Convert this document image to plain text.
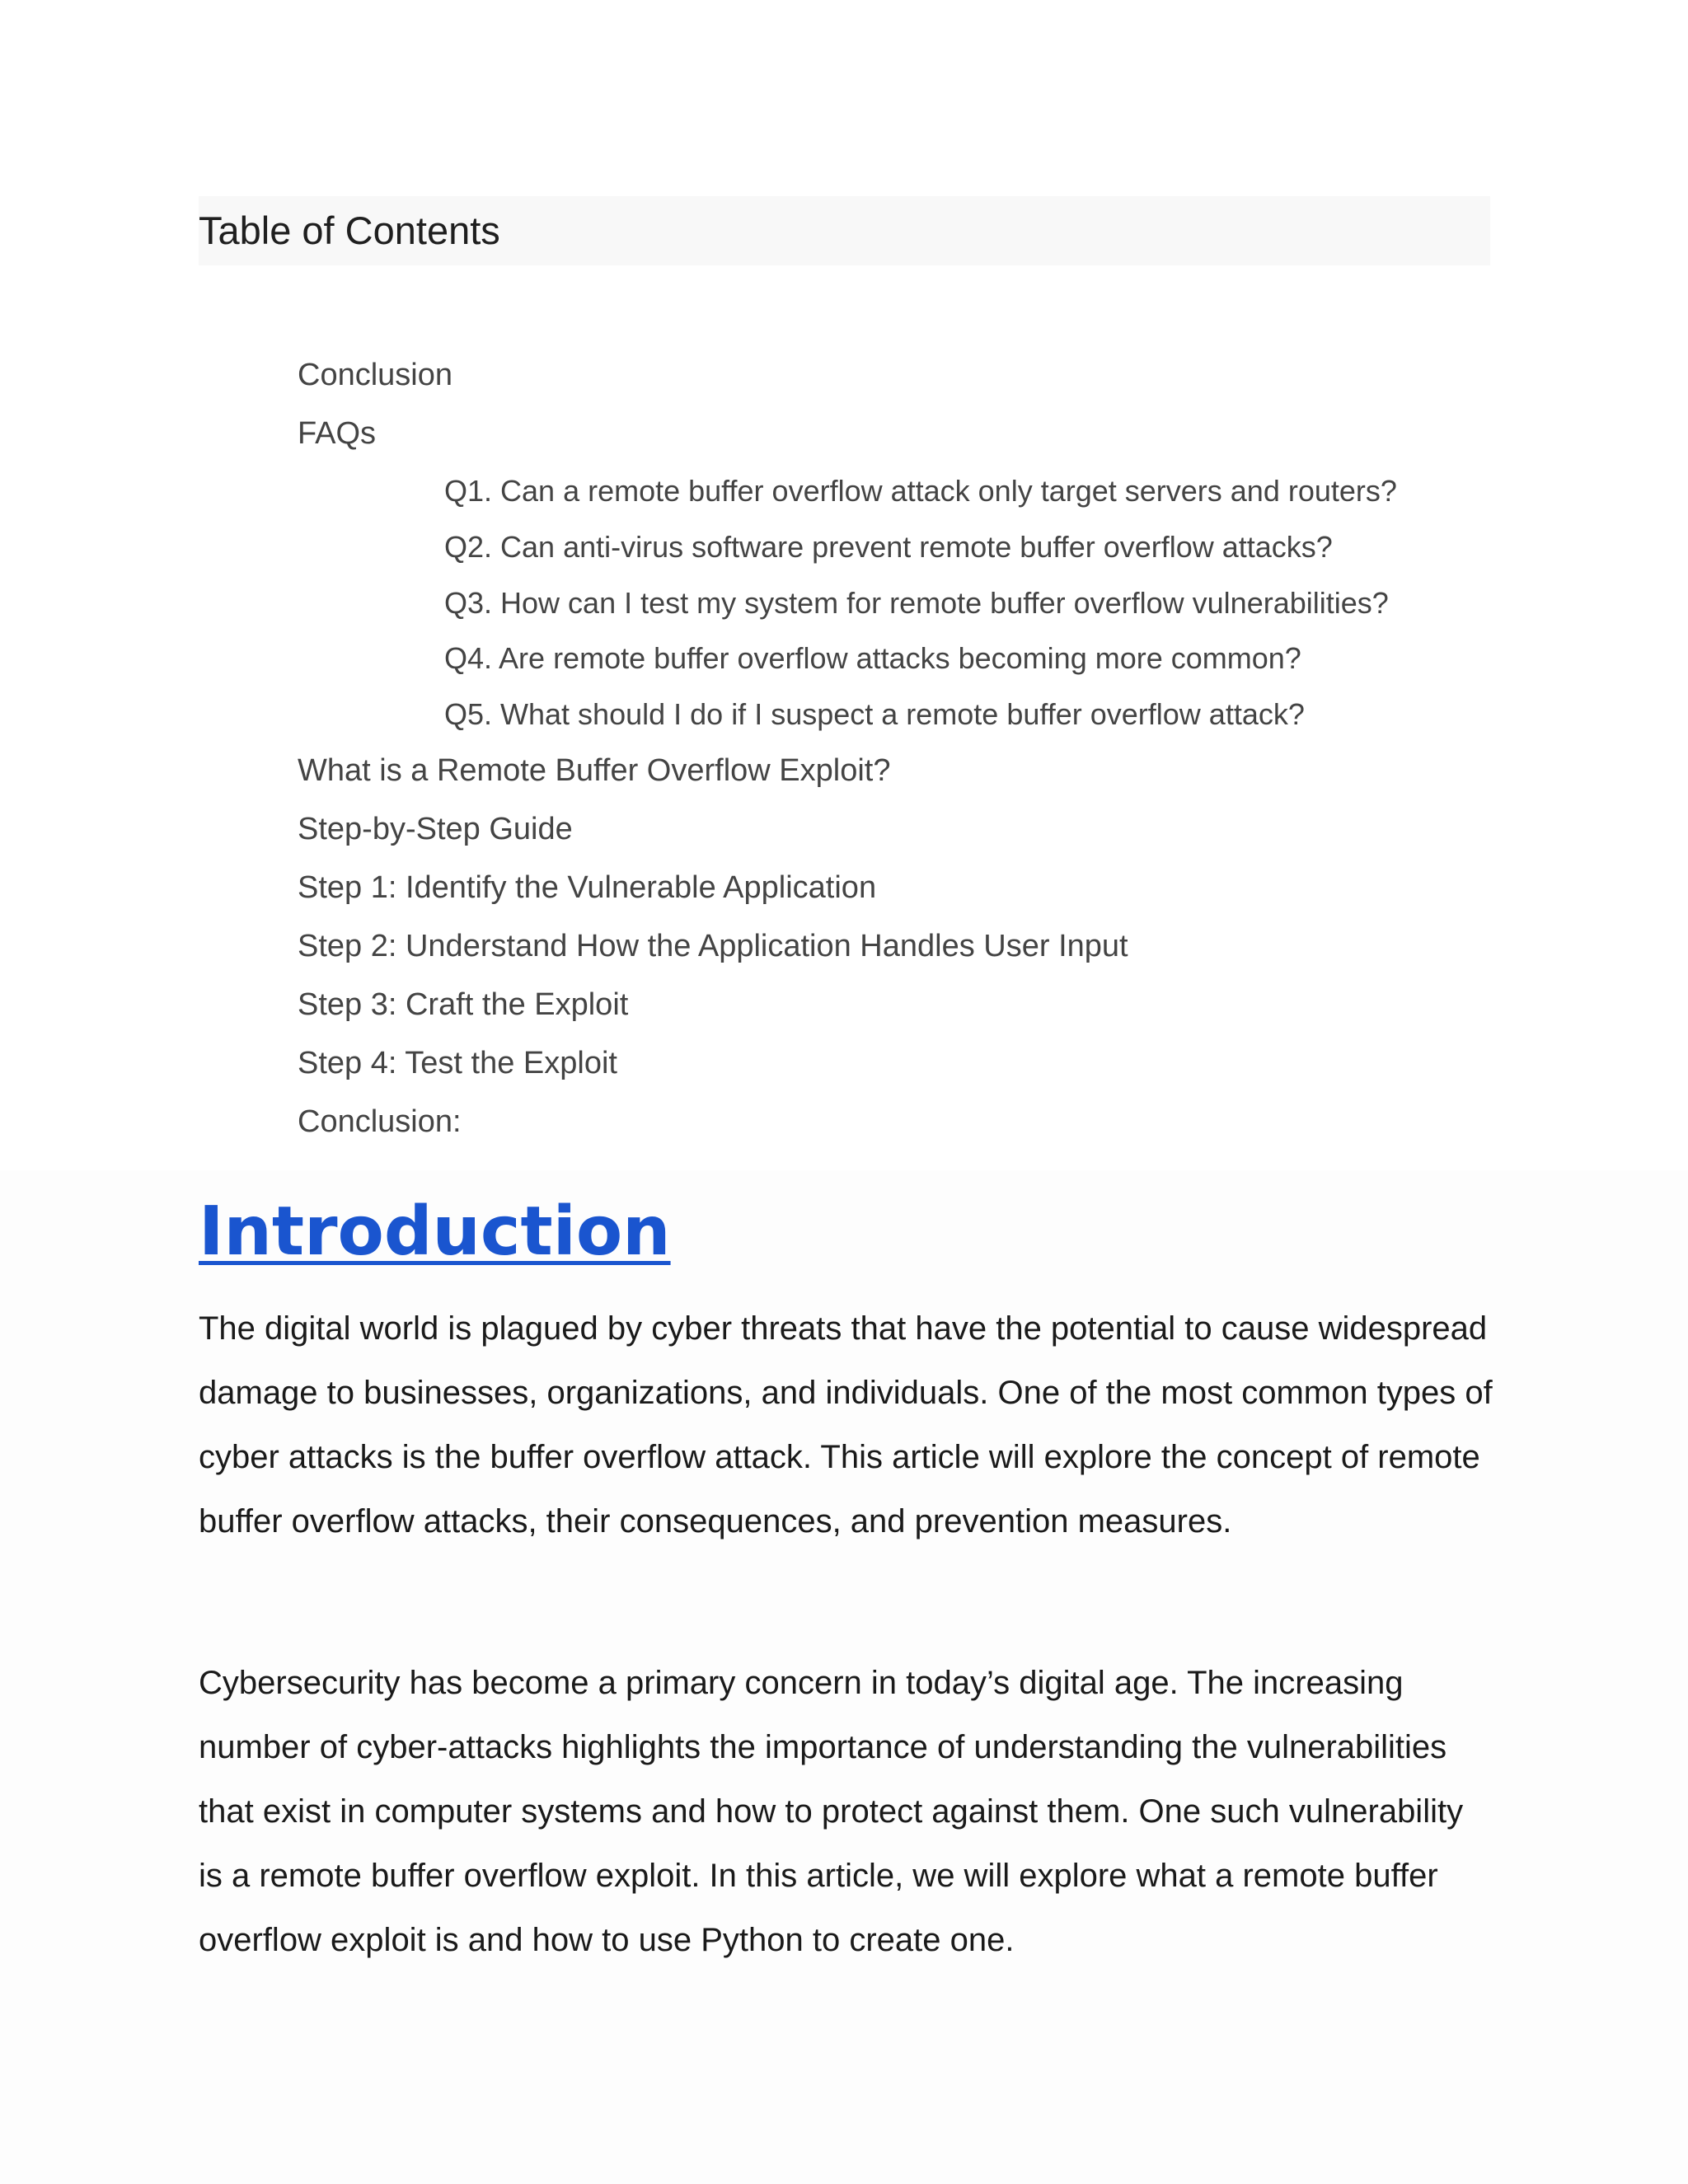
Table of Contents
Conclusion
FAQs
Q1. Can a remote buffer overflow attack only target servers and routers?
Q2. Can anti-virus software prevent remote buffer overflow attacks?
Q3. How can I test my system for remote buffer overflow vulnerabilities?
Q4. Are remote buffer overflow attacks becoming more common?
Q5. What should I do if I suspect a remote buffer overflow attack?
What is a Remote Buffer Overflow Exploit?
Step-by-Step Guide
Step 1: Identify the Vulnerable Application
Step 2: Understand How the Application Handles User Input
Step 3: Craft the Exploit
Step 4: Test the Exploit
Conclusion:
Introduction

The digital world is plagued by cyber threats that have the potential to cause widespread damage to businesses, organizations, and individuals. One of the most common types of cyber attacks is the buffer overflow attack. This article will explore the concept of remote buffer overflow attacks, their consequences, and prevention measures.

Cybersecurity has become a primary concern in today’s digital age. The increasing number of cyber-attacks highlights the importance of understanding the vulnerabilities that exist in computer systems and how to protect against them. One such vulnerability is a remote buffer overflow exploit. In this article, we will explore what a remote buffer overflow exploit is and how to use Python to create one.
